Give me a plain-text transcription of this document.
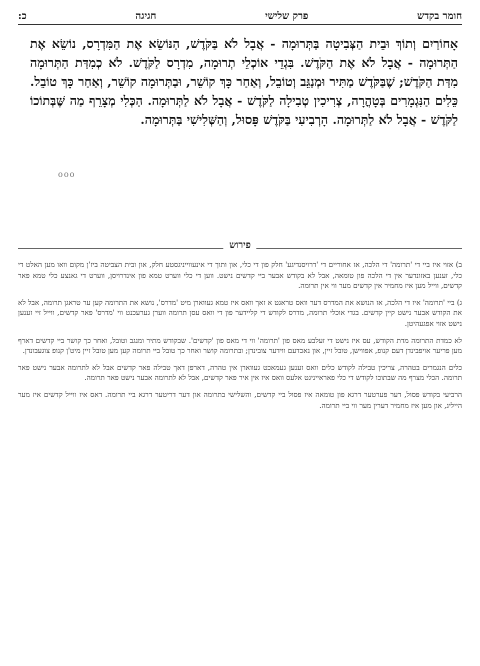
חומר בקדש
פרק שלישי
חגיגה
כ:
אָחוֹרַיִם וְתוֹךְ וּבֵית הַצְּבִיטָה בַּתְּרוּמָה - אֲבָל לֹא בַּקֹּדֶשׁ, הַנּוֹשֵׂא אֶת הַמִּדְרָס, נוֹשֵׂא אֶת הַתְּרוּמָה - אֲבָל לֹא אֶת הַקֹּדֶשׁ. בִּגְדֵי אוֹכְלֵי תְרוּמָה, מִדְרָס לַקֹּדֶשׁ. לֹא כְמִדַּת הַתְּרוּמָה מִדַּת הַקֹּדֶשׁ; שֶׁבַּקֹּדֶשׁ מַתִּיר וּמְנַגֵּב וְטוֹבֵל, וְאַחַר כָּךְ קוֹשֵׁר, וּבַתְּרוּמָה קוֹשֵׁר, וְאַחַר כָּךְ טוֹבֵל. כֵּלִים הַנִּגְמָרִים בְּטָהֳרָה, צְרִיכִין טְבִילָה לַקֹּדֶשׁ - אֲבָל לֹא לַתְּרוּמָה. הַכְּלִי מְצָרֵף מַה שֶּׁבְּתוֹכוֹ לַקֹּדֶשׁ - אֲבָל לֹא לַתְּרוּמָה. הָרְבִיעִי בַּקֹּדֶשׁ פָּסוּל, וְהַשְּׁלִישִׁי בַּתְּרוּמָה.
ooo
פירוש

ב) אזוי איז ביי די 'תרומה' די הלכה, אז אחוריים די 'דרויסנדיגע' חלק פון די כלי, און ותוך די אינעווייניגסטע חלק, און ובית הצביטה ביז'ן מקום וואו מען האלט די כלי, זענען באזונדער אין די הלכה פון טומאה, אבל לא בקודש אבער ביי קדשים נישט. ווען די כלי ווערט טמא פון אינדרויסן, ווערט די גאנצע כלי טמא פאר קדשים, ווייל מען איז מחמיר אין קדשים מער ווי אין תרומה.

ג) ביי 'תרומה' איז די הלכה, אז הנושא את המדרס דער וואס טראגט א זאך וואס איז טמא געווארן מיט 'מדרס', נושא את התרומה קען ער טראגן תרומה, אבל לא את הקודש אבער נישט קיין קדשים. בגדי אוכלי תרומה, מדרס לקודש די קליידער פון די וואס עסן תרומה ווערן גערעכנט ווי 'מדרס' פאר קדשים, ווייל זיי זענען נישט אזוי אפגעהיטן.

לא כמדת התרומה מדת הקודש, עס איז נישט די זעלבע מאס פון 'תרומה' ווי די מאס פון 'קדשים'. שבקודש מתיר ומנגב וטובל, ואחר כך קושר ביי קדשים דארף מען פריער אויפבינדן דעם קנופ, אפווישן, טובל זיין, און נאכדעם ווידער צובינדן; ובתרומה קושר ואחר כך טובל ביי תרומה קען מען טובל זיין מיט'ן קנופ צוגעבונדן.

כלים הנגמרים בטהרה, צריכין טבילה לקודש כלים וואס זענען געמאכט געווארן אין טהרה, דארפן דאך טבילה פאר קדשים אבל לא לתרומה אבער נישט פאר תרומה. הכלי מצרף מה שבתוכו לקודש די כלי פאראייניגט אלעס וואס איז אין איר פאר קדשים, אבל לא לתרומה אבער נישט פאר תרומה.

הרביעי בקודש פסול, דער פערטער דרגא פון טומאה איז פסול ביי קדשים, והשלישי בתרומה און דער דריטער דרגא ביי תרומה. דאס איז ווייל קדשים איז מער הייליג, און מען איז מחמיר דערין מער ווי ביי תרומה.
